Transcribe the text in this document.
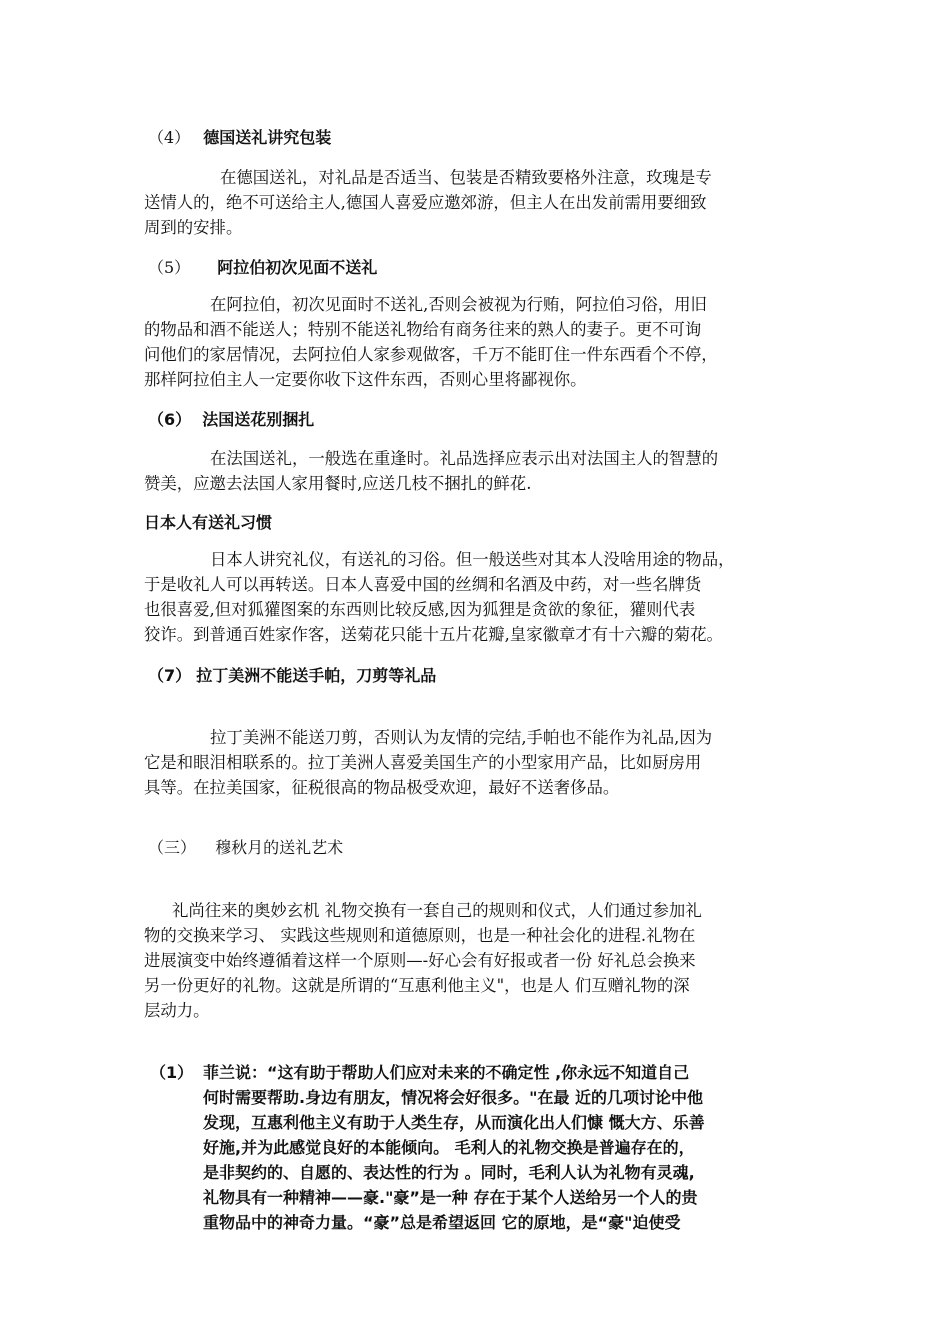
（4） 德国送礼讲究包装
在德国送礼，对礼品是否适当、包装是否精致要格外注意，玫瑰是专
送情人的，绝不可送给主人,德国人喜爱应邀郊游，但主人在出发前需用要细致
周到的安排。
（5） 阿拉伯初次见面不送礼
在阿拉伯，初次见面时不送礼,否则会被视为行贿，阿拉伯习俗，用旧
的物品和酒不能送人；特别不能送礼物给有商务往来的熟人的妻子。更不可询
问他们的家居情况，去阿拉伯人家参观做客，千万不能盯住一件东西看个不停，
那样阿拉伯主人一定要你收下这件东西，否则心里将鄙视你。
（6） 法国送花别捆扎
在法国送礼，一般选在重逢时。礼品选择应表示出对法国主人的智慧的
赞美，应邀去法国人家用餐时,应送几枝不捆扎的鲜花.
日本人有送礼习惯
日本人讲究礼仪，有送礼的习俗。但一般送些对其本人没啥用途的物品，
于是收礼人可以再转送。日本人喜爱中国的丝绸和名酒及中药，对一些名牌货
也很喜爱,但对狐獾图案的东西则比较反感,因为狐狸是贪欲的象征，獾则代表
狡诈。到普通百姓家作客，送菊花只能十五片花瓣,皇家徽章才有十六瓣的菊花。
（7） 拉丁美洲不能送手帕，刀剪等礼品
拉丁美洲不能送刀剪，否则认为友情的完结,手帕也不能作为礼品,因为
它是和眼泪相联系的。拉丁美洲人喜爱美国生产的小型家用产品，比如厨房用
具等。在拉美国家，征税很高的物品极受欢迎，最好不送奢侈品。
（三） 穆秋月的送礼艺术
礼尚往来的奥妙玄机 礼物交换有一套自己的规则和仪式，人们通过参加礼
物的交换来学习、 实践这些规则和道德原则，也是一种社会化的进程.礼物在
进展演变中始终遵循着这样一个原则—-好心会有好报或者一份 好礼总会换来
另一份更好的礼物。这就是所谓的“互惠利他主义"，也是人 们互赠礼物的深
层动力。
（1） 菲兰说：“这有助于帮助人们应对未来的不确定性 ,你永远不知道自己
何时需要帮助.身边有朋友，情况将会好很多。"在最 近的几项讨论中他
发现，互惠利他主义有助于人类生存，从而演化出人们慷 慨大方、乐善
好施,并为此感觉良好的本能倾向。 毛利人的礼物交换是普遍存在的，
是非契约的、自愿的、表达性的行为 。同时，毛利人认为礼物有灵魂,
礼物具有一种精神——豪."豪”是一种 存在于某个人送给另一个人的贵
重物品中的神奇力量。“豪”总是希望返回 它的原地，是“豪"迫使受
